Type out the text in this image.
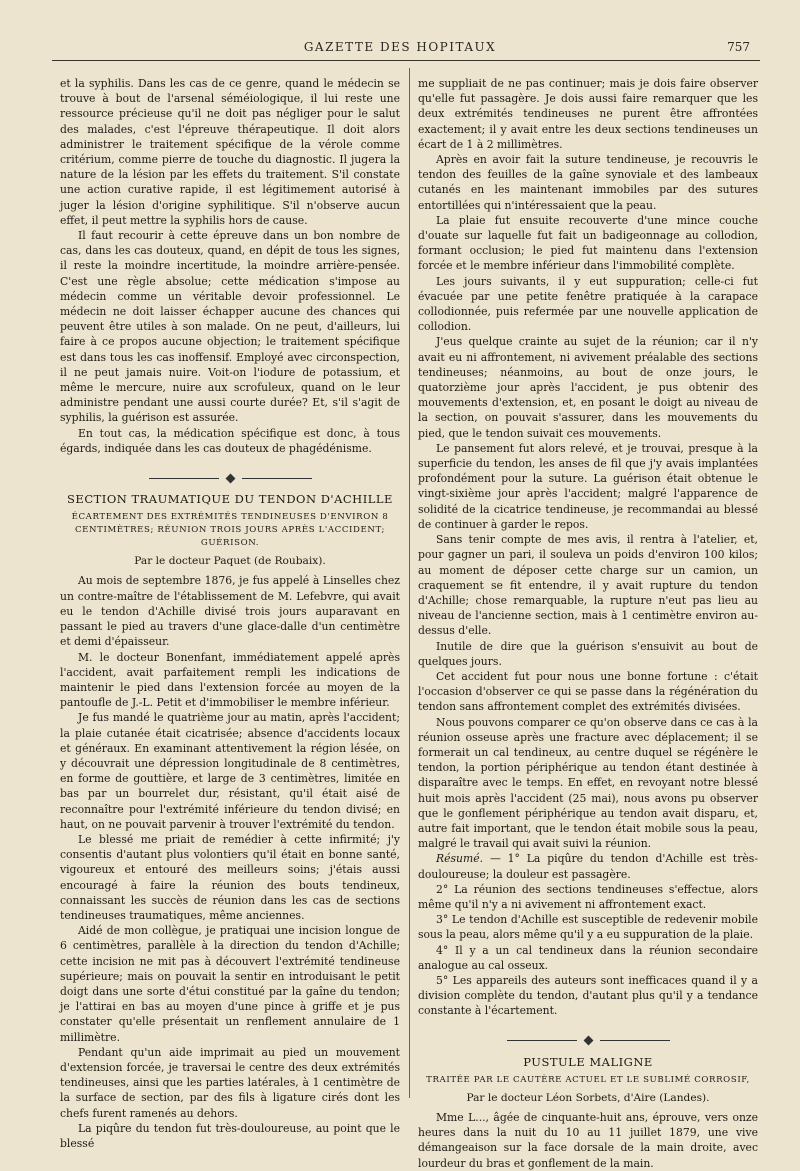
GAZETTE DES HOPITAUX	757

et la syphilis. Dans les cas de ce genre, quand le médecin se trouve à bout de l'arsenal séméiologique, il lui reste une ressource précieuse qu'il ne doit pas négliger pour le salut des malades, c'est l'épreuve thérapeutique. Il doit alors administrer le traitement spécifique de la vérole comme critérium, comme pierre de touche du diagnostic. Il jugera la nature de la lésion par les effets du traitement. S'il constate une action curative rapide, il est légitimement autorisé à juger la lésion d'origine syphilitique. S'il n'observe aucun effet, il peut mettre la syphilis hors de cause.

Il faut recourir à cette épreuve dans un bon nombre de cas, dans les cas douteux, quand, en dépit de tous les signes, il reste la moindre incertitude, la moindre arrière-pensée. C'est une règle absolue; cette médication s'impose au médecin comme un véritable devoir professionnel. Le médecin ne doit laisser échapper aucune des chances qui peuvent être utiles à son malade. On ne peut, d'ailleurs, lui faire à ce propos aucune objection; le traitement spécifique est dans tous les cas inoffensif. Employé avec circonspection, il ne peut jamais nuire. Voit-on l'iodure de potassium, et même le mercure, nuire aux scrofuleux, quand on le leur administre pendant une aussi courte durée? Et, s'il s'agit de syphilis, la guérison est assurée.

En tout cas, la médication spécifique est donc, à tous égards, indiquée dans les cas douteux de phagédénisme.

SECTION TRAUMATIQUE DU TENDON D'ACHILLE
ÉCARTEMENT DES EXTRÉMITÉS TENDINEUSES D'ENVIRON 8 CENTIMÈTRES; RÉUNION TROIS JOURS APRÈS L'ACCIDENT; GUÉRISON.
Par le docteur Paquet (de Roubaix).

Au mois de septembre 1876, je fus appelé à Linselles chez un contre-maître de l'établissement de M. Lefebvre, qui avait eu le tendon d'Achille divisé trois jours auparavant en passant le pied au travers d'une glace-dalle d'un centimètre et demi d'épaisseur.

M. le docteur Bonenfant, immédiatement appelé après l'accident, avait parfaitement rempli les indications de maintenir le pied dans l'extension forcée au moyen de la pantoufle de J.-L. Petit et d'immobiliser le membre inférieur.

Je fus mandé le quatrième jour au matin, après l'accident; la plaie cutanée était cicatrisée; absence d'accidents locaux et généraux. En examinant attentivement la région lésée, on y découvrait une dépression longitudinale de 8 centimètres, en forme de gouttière, et large de 3 centimètres, limitée en bas par un bourrelet dur, résistant, qu'il était aisé de reconnaître pour l'extrémité inférieure du tendon divisé; en haut, on ne pouvait parvenir à trouver l'extrémité du tendon.

Le blessé me priait de remédier à cette infirmité; j'y consentis d'autant plus volontiers qu'il était en bonne santé, vigoureux et entouré des meilleurs soins; j'étais aussi encouragé à faire la réunion des bouts tendineux, connaissant les succès de réunion dans les cas de sections tendineuses traumatiques, même anciennes.

Aidé de mon collègue, je pratiquai une incision longue de 6 centimètres, parallèle à la direction du tendon d'Achille; cette incision ne mit pas à découvert l'extrémité tendineuse supérieure; mais on pouvait la sentir en introduisant le petit doigt dans une sorte d'étui constitué par la gaîne du tendon; je l'attirai en bas au moyen d'une pince à griffe et je pus constater qu'elle présentait un renflement annulaire de 1 millimètre.

Pendant qu'un aide imprimait au pied un mouvement d'extension forcée, je traversai le centre des deux extrémités tendineuses, ainsi que les parties latérales, à 1 centimètre de la surface de section, par des fils à ligature cirés dont les chefs furent ramenés au dehors.

La piqûre du tendon fut très-douloureuse, au point que le blessé

me suppliait de ne pas continuer; mais je dois faire observer qu'elle fut passagère. Je dois aussi faire remarquer que les deux extrémités tendineuses ne purent être affrontées exactement; il y avait entre les deux sections tendineuses un écart de 1 à 2 millimètres.

Après en avoir fait la suture tendineuse, je recouvris le tendon des feuilles de la gaîne synoviale et des lambeaux cutanés en les maintenant immobiles par des sutures entortillées qui n'intéressaient que la peau.

La plaie fut ensuite recouverte d'une mince couche d'ouate sur laquelle fut fait un badigeonnage au collodion, formant occlusion; le pied fut maintenu dans l'extension forcée et le membre inférieur dans l'immobilité complète.

Les jours suivants, il y eut suppuration; celle-ci fut évacuée par une petite fenêtre pratiquée à la carapace collodionnée, puis refermée par une nouvelle application de collodion.

J'eus quelque crainte au sujet de la réunion; car il n'y avait eu ni affrontement, ni avivement préalable des sections tendineuses; néanmoins, au bout de onze jours, le quatorzième jour après l'accident, je pus obtenir des mouvements d'extension, et, en posant le doigt au niveau de la section, on pouvait s'assurer, dans les mouvements du pied, que le tendon suivait ces mouvements.

Le pansement fut alors relevé, et je trouvai, presque à la superficie du tendon, les anses de fil que j'y avais implantées profondément pour la suture. La guérison était obtenue le vingt-sixième jour après l'accident; malgré l'apparence de solidité de la cicatrice tendineuse, je recommandai au blessé de continuer à garder le repos.

Sans tenir compte de mes avis, il rentra à l'atelier, et, pour gagner un pari, il souleva un poids d'environ 100 kilos; au moment de déposer cette charge sur un camion, un craquement se fit entendre, il y avait rupture du tendon d'Achille; chose remarquable, la rupture n'eut pas lieu au niveau de l'ancienne section, mais à 1 centimètre environ au-dessus d'elle.

Inutile de dire que la guérison s'ensuivit au bout de quelques jours.

Cet accident fut pour nous une bonne fortune : c'était l'occasion d'observer ce qui se passe dans la régénération du tendon sans affrontement complet des extrémités divisées.

Nous pouvons comparer ce qu'on observe dans ce cas à la réunion osseuse après une fracture avec déplacement; il se formerait un cal tendineux, au centre duquel se régénère le tendon, la portion périphérique au tendon étant destinée à disparaître avec le temps. En effet, en revoyant notre blessé huit mois après l'accident (25 mai), nous avons pu observer que le gonflement périphérique au tendon avait disparu, et, autre fait important, que le tendon était mobile sous la peau, malgré le travail qui avait suivi la réunion.

Résumé. — 1° La piqûre du tendon d'Achille est très-douloureuse; la douleur est passagère.

2° La réunion des sections tendineuses s'effectue, alors même qu'il n'y a ni avivement ni affrontement exact.

3° Le tendon d'Achille est susceptible de redevenir mobile sous la peau, alors même qu'il y a eu suppuration de la plaie.

4° Il y a un cal tendineux dans la réunion secondaire analogue au cal osseux.

5° Les appareils des auteurs sont inefficaces quand il y a division complète du tendon, d'autant plus qu'il y a tendance constante à l'écartement.

PUSTULE MALIGNE
TRAITÉE PAR LE CAUTÈRE ACTUEL ET LE SUBLIMÉ CORROSIF,
Par le docteur Léon Sorbets, d'Aire (Landes).

Mme L..., âgée de cinquante-huit ans, éprouve, vers onze heures dans la nuit du 10 au 11 juillet 1879, une vive démangeaison sur la face dorsale de la main droite, avec lourdeur du bras et gonflement de la main.
